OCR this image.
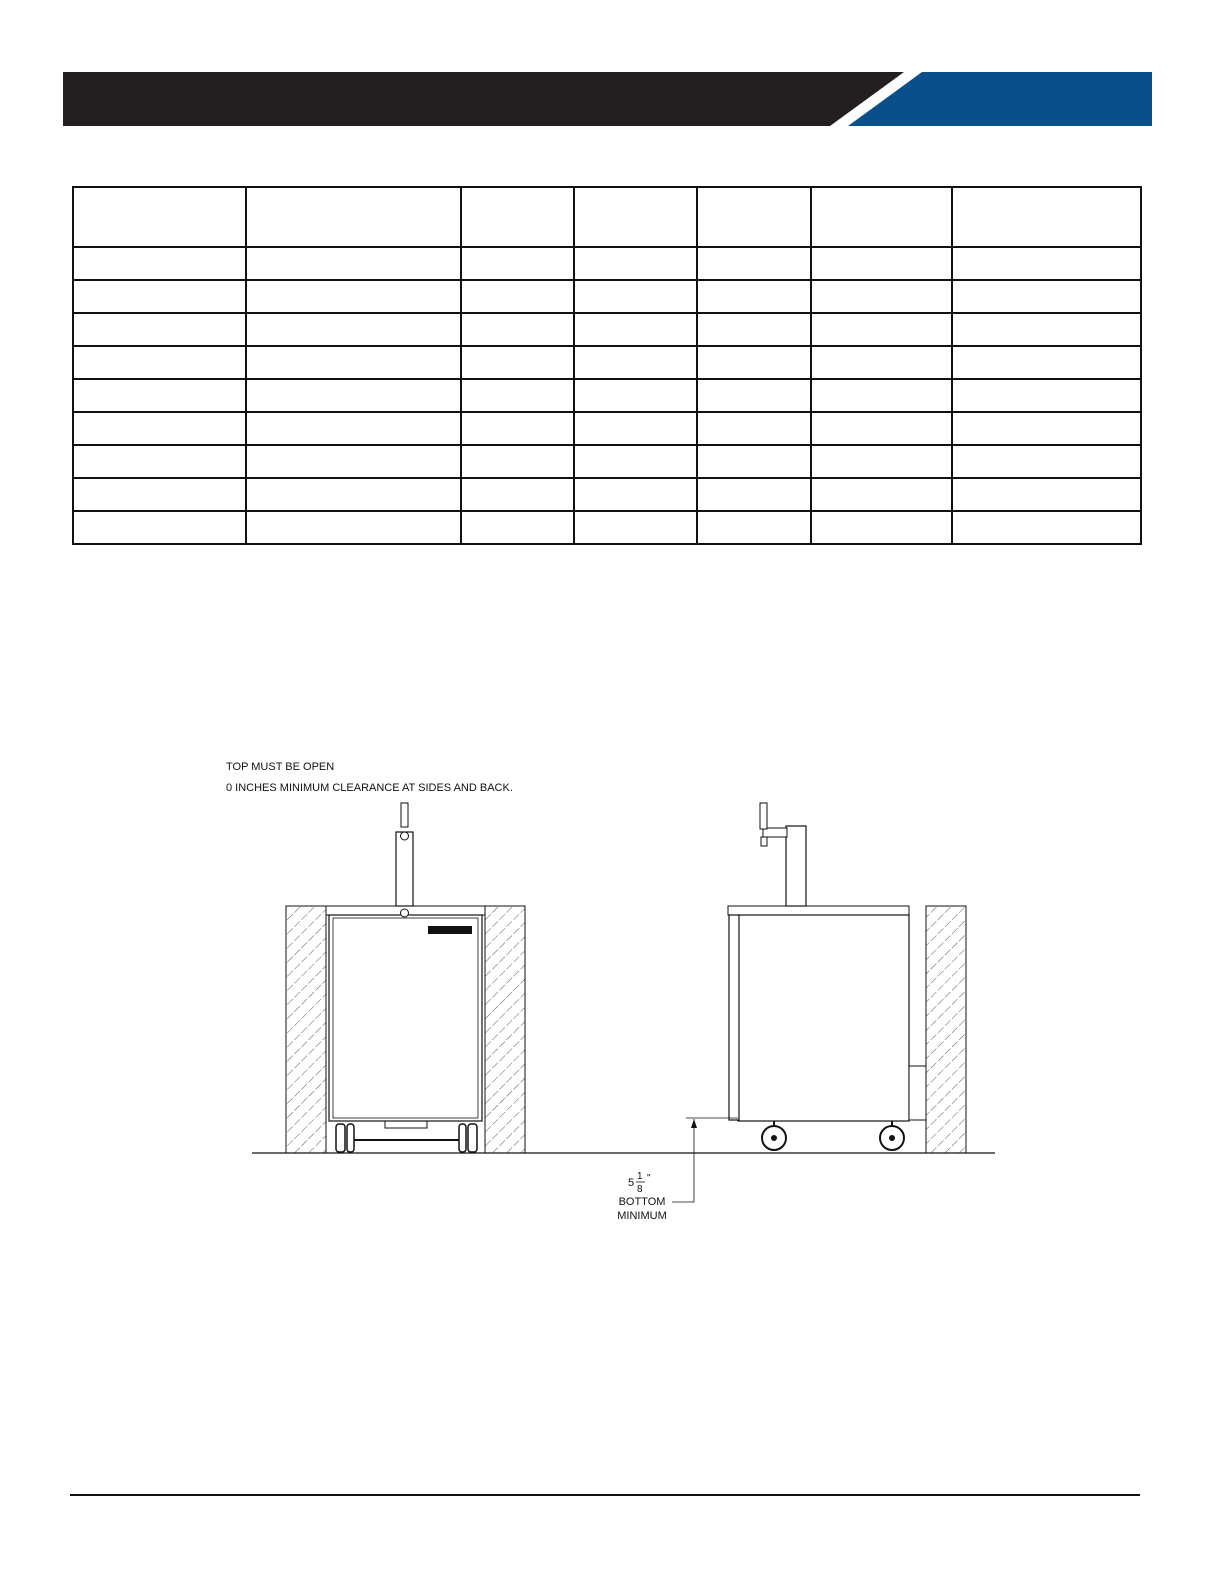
TOP MUST BE OPEN
0 INCHES MINIMUM CLEARANCE AT SIDES AND BACK.
5
1
8
"
BOTTOM
MINIMUM
